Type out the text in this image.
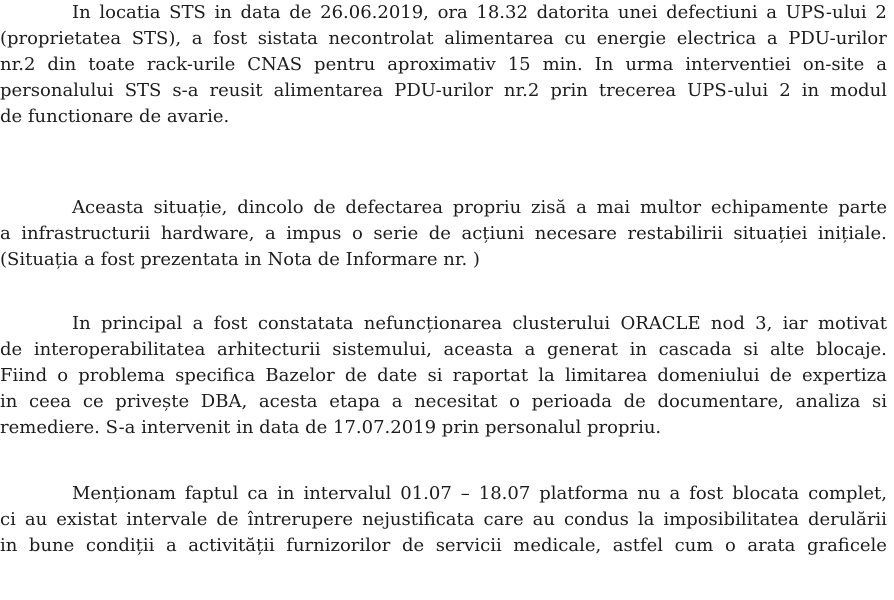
In locatia STS in data de 26.06.2019, ora 18.32 datorita unei defectiuni a UPS-ului 2
(proprietatea STS), a fost sistata necontrolat alimentarea cu energie electrica a PDU-urilor
nr.2 din toate rack-urile CNAS pentru aproximativ 15 min. In urma interventiei on-site a
personalului STS s-a reusit alimentarea PDU-urilor nr.2 prin trecerea UPS-ului 2 in modul
de functionare de avarie.
Aceasta situație, dincolo de defectarea propriu zisă a mai multor echipamente parte
a infrastructurii hardware, a impus o serie de acțiuni necesare restabilirii situației inițiale.
(Situația a fost prezentata in Nota de Informare nr. )
In principal a fost constatata nefuncționarea clusterului ORACLE nod 3, iar motivat
de interoperabilitatea arhitecturii sistemului, aceasta a generat in cascada si alte blocaje.
Fiind o problema specifica Bazelor de date si raportat la limitarea domeniului de expertiza
in ceea ce privește DBA, acesta etapa a necesitat o perioada de documentare, analiza si
remediere. S-a intervenit in data de 17.07.2019 prin personalul propriu.
Menționam faptul ca in intervalul 01.07 – 18.07 platforma nu a fost blocata complet,
ci au existat intervale de întrerupere nejustificata care au condus la imposibilitatea derulării
in bune condiții a activității furnizorilor de servicii medicale, astfel cum o arata graficele
